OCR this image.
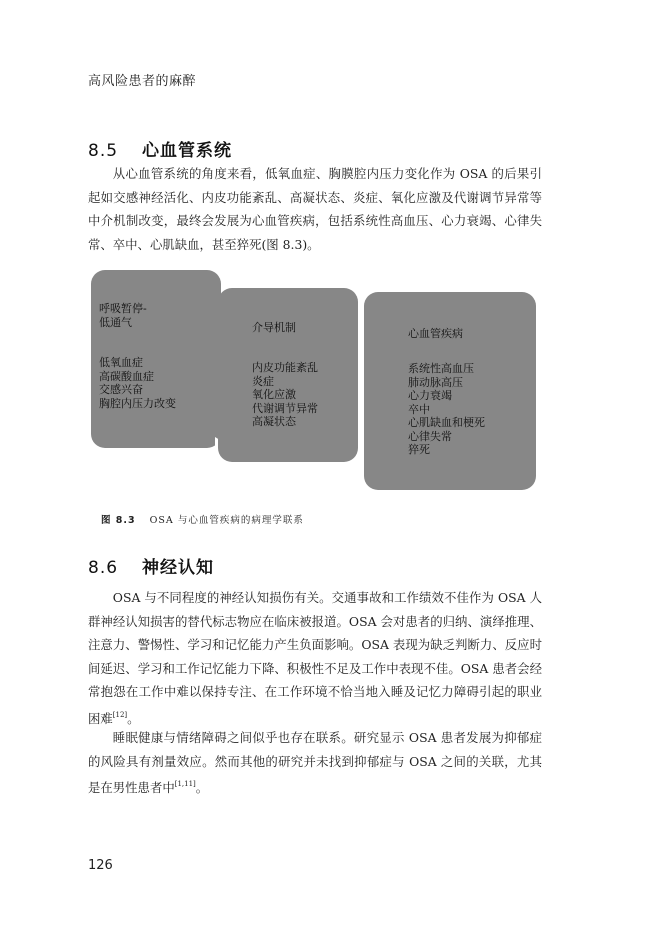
高风险患者的麻醉
8.5 心血管系统

从心血管系统的角度来看，低氧血症、胸膜腔内压力变化作为 OSA 的后果引起如交感神经活化、内皮功能紊乱、高凝状态、炎症、氧化应激及代谢调节异常等中介机制改变，最终会发展为心血管疾病，包括系统性高血压、心力衰竭、心律失常、卒中、心肌缺血，甚至猝死(图 8.3)。

呼吸暂停-
低通气
低氧血症
高碳酸血症
交感兴奋
胸腔内压力改变
介导机制
内皮功能紊乱
炎症
氧化应激
代谢调节异常
高凝状态
心血管疾病
系统性高血压
肺动脉高压
心力衰竭
卒中
心肌缺血和梗死
心律失常
猝死
图 8.3 OSA 与心血管疾病的病理学联系
8.6 神经认知

OSA 与不同程度的神经认知损伤有关。交通事故和工作绩效不佳作为 OSA 人群神经认知损害的替代标志物应在临床被报道。OSA 会对患者的归纳、演绎推理、注意力、警惕性、学习和记忆能力产生负面影响。OSA 表现为缺乏判断力、反应时间延迟、学习和工作记忆能力下降、积极性不足及工作中表现不佳。OSA 患者会经常抱怨在工作中难以保持专注、在工作环境不恰当地入睡及记忆力障碍引起的职业困难[12]。

睡眠健康与情绪障碍之间似乎也存在联系。研究显示 OSA 患者发展为抑郁症的风险具有剂量效应。然而其他的研究并未找到抑郁症与 OSA 之间的关联，尤其是在男性患者中[1,11]。

126
